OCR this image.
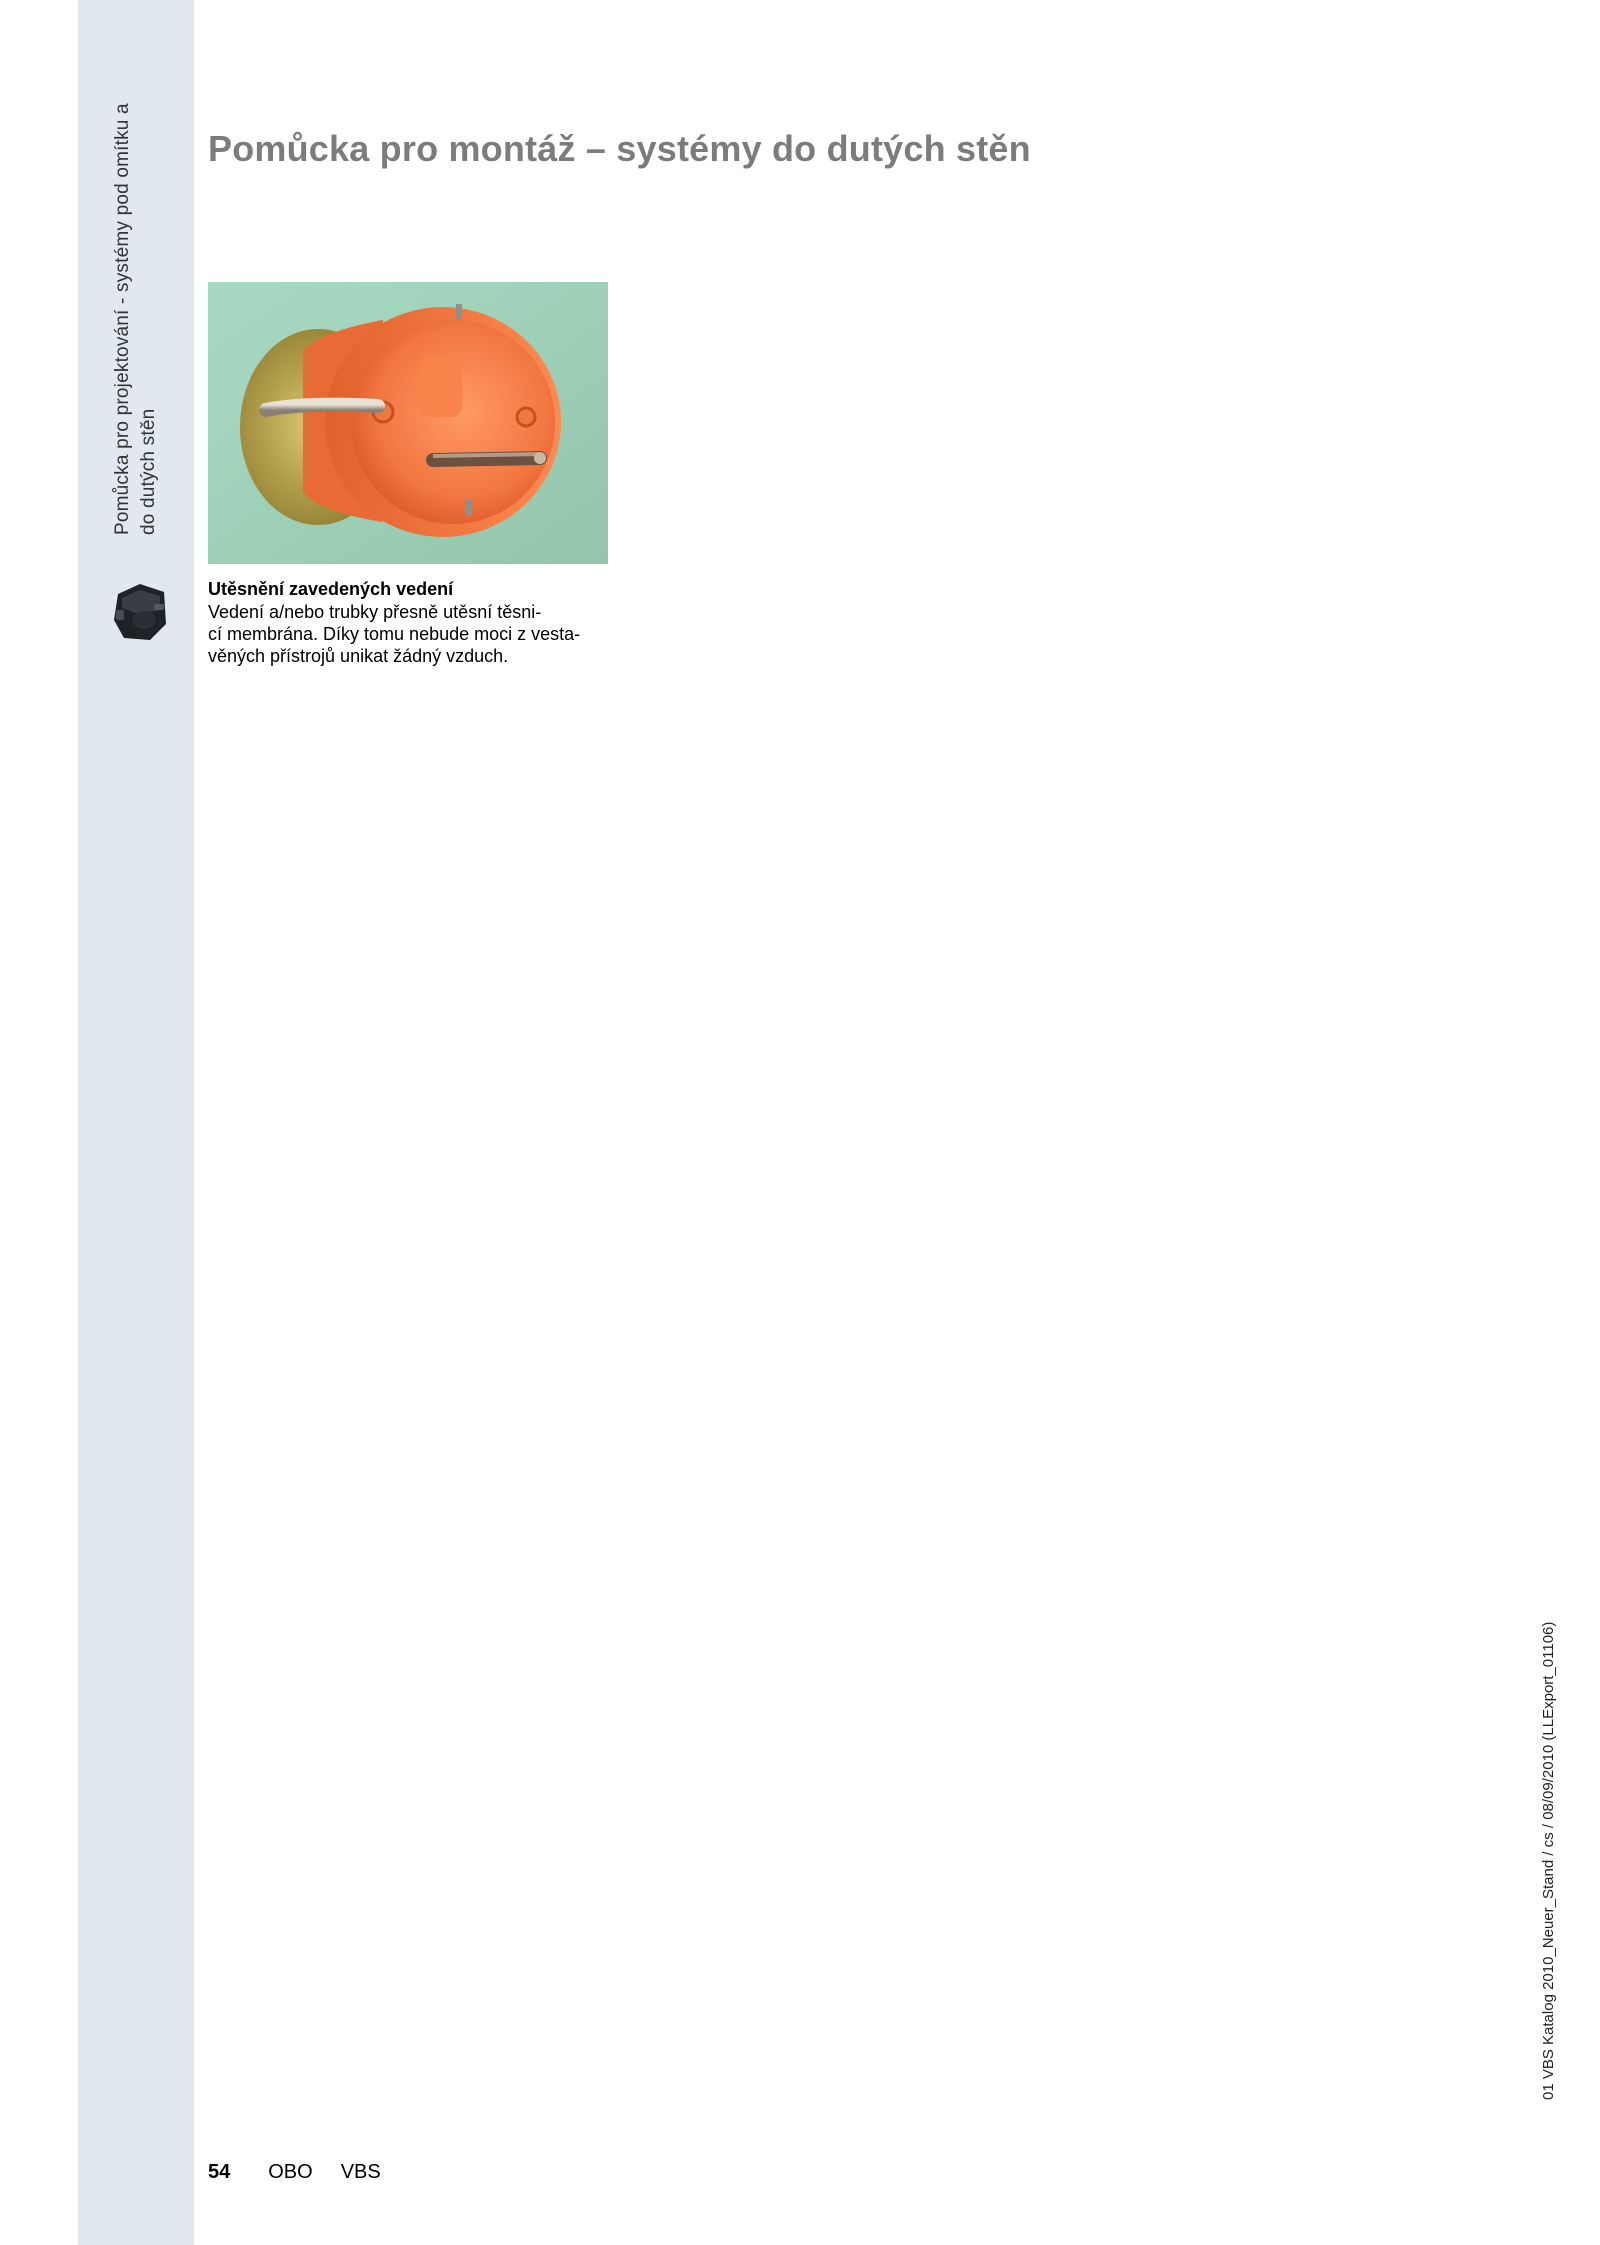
Pomůcka pro projektování - systémy pod omítku a do dutých stěn
Pomůcka pro montáž – systémy do dutých stěn

Utěsnění zavedených vedení

Vedení a/nebo trubky přesně utěsní těsni-
cí membrána. Díky tomu nebude moci z vesta-
věných přístrojů unikat žádný vzduch.

54 OBO VBS
01 VBS Katalog 2010_Neuer_Stand / cs / 08/09/2010 (LLExport_01106)
